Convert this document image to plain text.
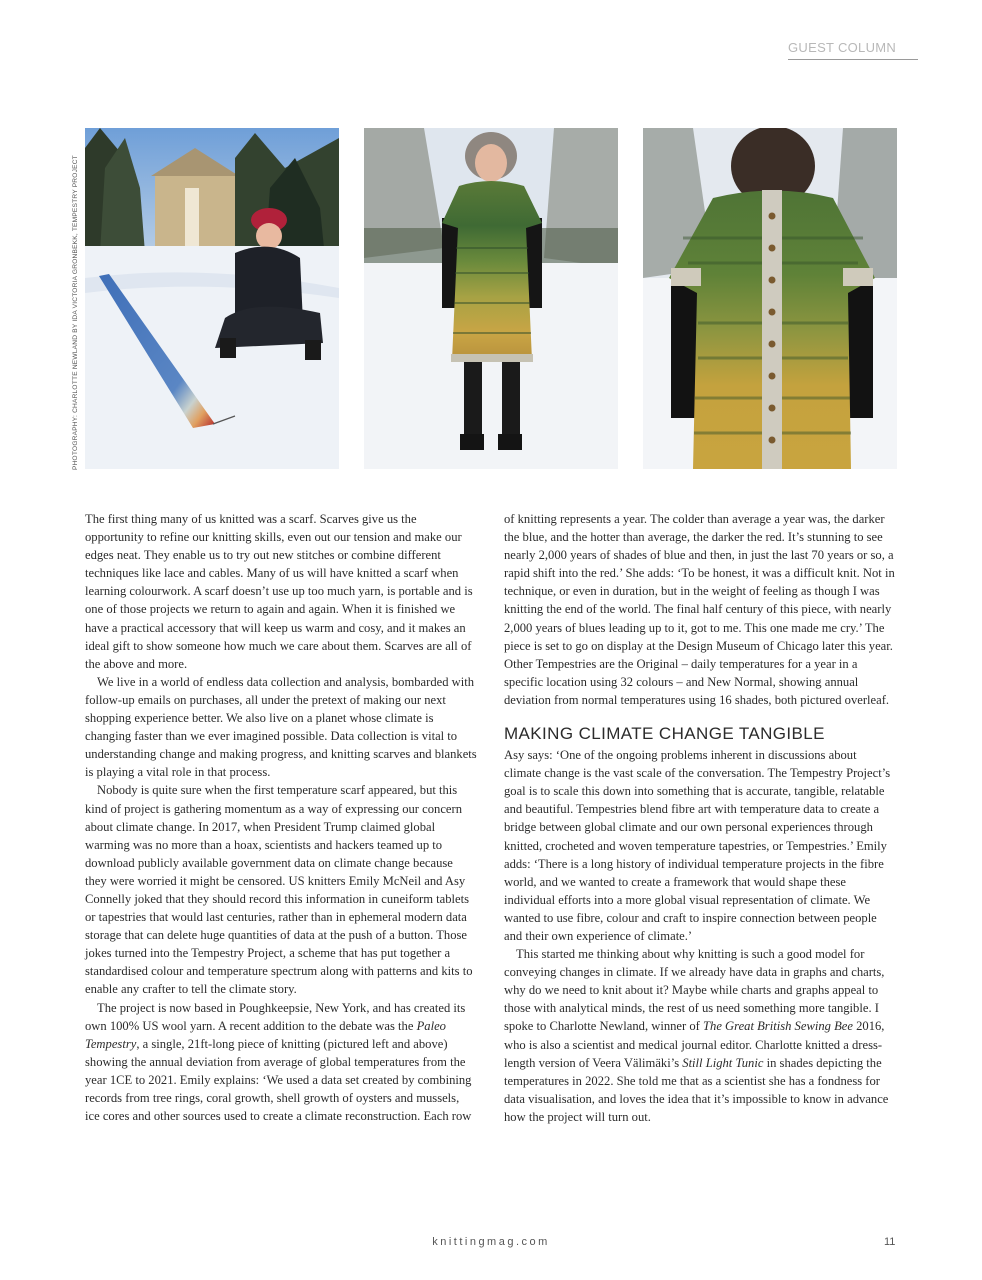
GUEST COLUMN
PHOTOGRAPHY: CHARLOTTE NEWLAND BY IDA VICTORIA GRONBEKK, TEMPESTRY PROJECT

The first thing many of us knitted was a scarf. Scarves give us the opportunity to refine our knitting skills, even out our tension and make our edges neat. They enable us to try out new stitches or combine different techniques like lace and cables. Many of us will have knitted a scarf when learning colourwork. A scarf doesn’t use up too much yarn, is portable and is one of those projects we return to again and again. When it is finished we have a practical accessory that will keep us warm and cosy, and it makes an ideal gift to show someone how much we care about them. Scarves are all of the above and more.

We live in a world of endless data collection and analysis, bombarded with follow-up emails on purchases, all under the pretext of making our next shopping experience better. We also live on a planet whose climate is changing faster than we ever imagined possible. Data collection is vital to understanding change and making progress, and knitting scarves and blankets is playing a vital role in that process.

Nobody is quite sure when the first temperature scarf appeared, but this kind of project is gathering momentum as a way of expressing our concern about climate change. In 2017, when President Trump claimed global warming was no more than a hoax, scientists and hackers teamed up to download publicly available government data on climate change because they were worried it might be censored. US knitters Emily McNeil and Asy Connelly joked that they should record this information in cuneiform tablets or tapestries that would last centuries, rather than in ephemeral modern data storage that can delete huge quantities of data at the push of a button. Those jokes turned into the Tempestry Project, a scheme that has put together a standardised colour and temperature spectrum along with patterns and kits to enable any crafter to tell the climate story.

The project is now based in Poughkeepsie, New York, and has created its own 100% US wool yarn. A recent addition to the debate was the Paleo Tempestry, a single, 21ft-long piece of knitting (pictured left and above) showing the annual deviation from average of global temperatures from the year 1CE to 2021. Emily explains: ‘We used a data set created by combining records from tree rings, coral growth, shell growth of oysters and mussels, ice cores and other sources used to create a climate reconstruction. Each row

of knitting represents a year. The colder than average a year was, the darker the blue, and the hotter than average, the darker the red. It’s stunning to see nearly 2,000 years of shades of blue and then, in just the last 70 years or so, a rapid shift into the red.’ She adds: ‘To be honest, it was a difficult knit. Not in technique, or even in duration, but in the weight of feeling as though I was knitting the end of the world. The final half century of this piece, with nearly 2,000 years of blues leading up to it, got to me. This one made me cry.’ The piece is set to go on display at the Design Museum of Chicago later this year. Other Tempestries are the Original – daily temperatures for a year in a specific location using 32 colours – and New Normal, showing annual deviation from normal temperatures using 16 shades, both pictured overleaf.

MAKING CLIMATE CHANGE TANGIBLE

Asy says: ‘One of the ongoing problems inherent in discussions about climate change is the vast scale of the conversation. The Tempestry Project’s goal is to scale this down into something that is accurate, tangible, relatable and beautiful. Tempestries blend fibre art with temperature data to create a bridge between global climate and our own personal experiences through knitted, crocheted and woven temperature tapestries, or Tempestries.’ Emily adds: ‘There is a long history of individual temperature projects in the fibre world, and we wanted to create a framework that would shape these individual efforts into a more global visual representation of climate. We wanted to use fibre, colour and craft to inspire connection between people and their own experience of climate.’

This started me thinking about why knitting is such a good model for conveying changes in climate. If we already have data in graphs and charts, why do we need to knit about it? Maybe while charts and graphs appeal to those with analytical minds, the rest of us need something more tangible. I spoke to Charlotte Newland, winner of The Great British Sewing Bee 2016, who is also a scientist and medical journal editor. Charlotte knitted a dress-length version of Veera Välimäki’s Still Light Tunic in shades depicting the temperatures in 2022. She told me that as a scientist she has a fondness for data visualisation, and loves the idea that it’s impossible to know in advance how the project will turn out.

knittingmag.com	11
